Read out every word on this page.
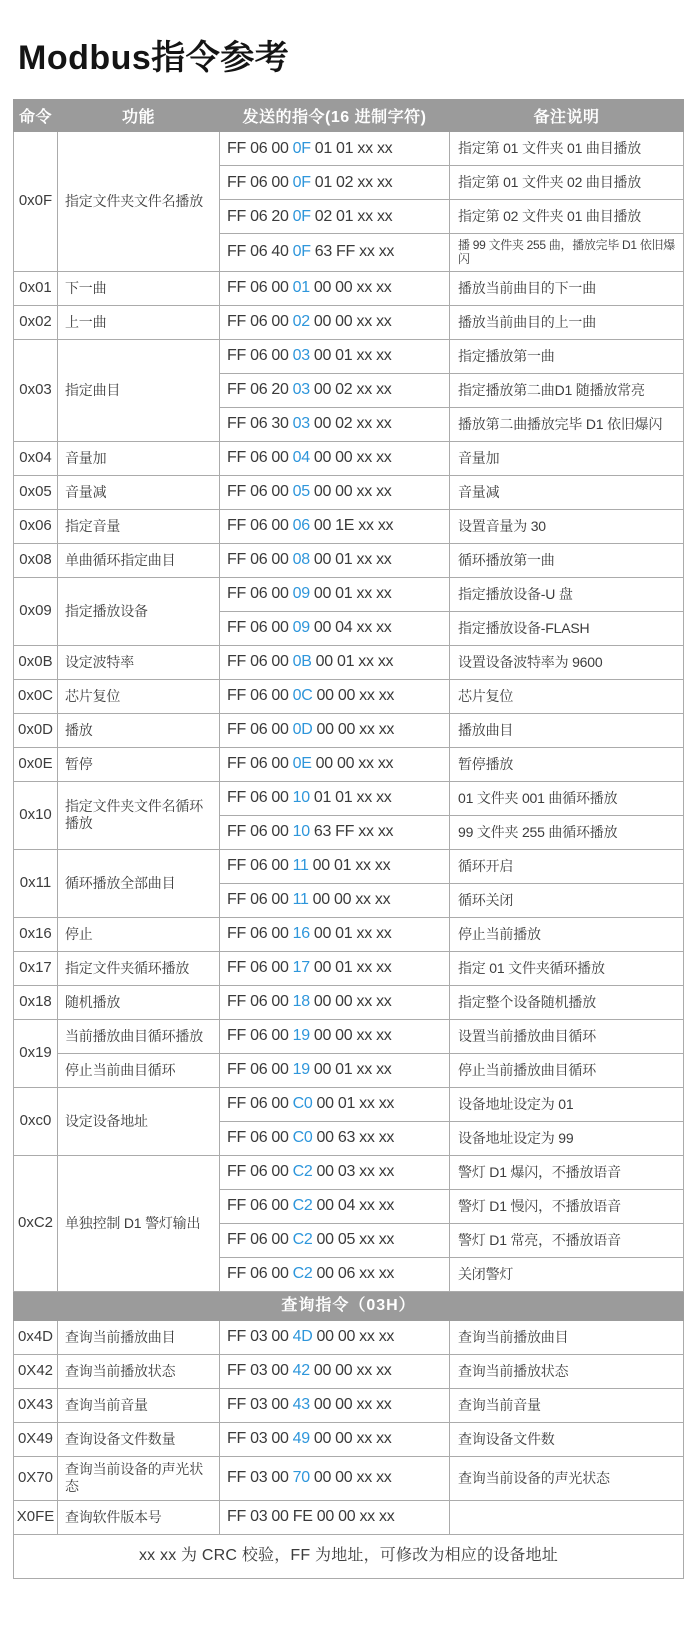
Modbus指令参考
命令	功能	发送的指令(16 进制字符)	备注说明
0x0F	指定文件夹文件名播放	FF 06 00 0F 01 01 xx xx	指定第 01 文件夹 01 曲目播放
		FF 06 00 0F 01 02 xx xx	指定第 01 文件夹 02 曲目播放
		FF 06 20 0F 02 01 xx xx	指定第 02 文件夹 01 曲目播放
		FF 06 40 0F 63 FF xx xx	播 99 文件夹 255 曲，播放完毕 D1 依旧爆闪
0x01	下一曲	FF 06 00 01 00 00 xx xx	播放当前曲目的下一曲
0x02	上一曲	FF 06 00 02 00 00 xx xx	播放当前曲目的上一曲
0x03	指定曲目	FF 06 00 03 00 01 xx xx	指定播放第一曲
		FF 06 20 03 00 02 xx xx	指定播放第二曲D1 随播放常亮
		FF 06 30 03 00 02 xx xx	播放第二曲播放完毕 D1 依旧爆闪
0x04	音量加	FF 06 00 04 00 00 xx xx	音量加
0x05	音量减	FF 06 00 05 00 00 xx xx	音量减
0x06	指定音量	FF 06 00 06 00 1E xx xx	设置音量为 30
0x08	单曲循环指定曲目	FF 06 00 08 00 01 xx xx	循环播放第一曲
0x09	指定播放设备	FF 06 00 09 00 01 xx xx	指定播放设备-U 盘
		FF 06 00 09 00 04 xx xx	指定播放设备-FLASH
0x0B	设定波特率	FF 06 00 0B 00 01 xx xx	设置设备波特率为 9600
0x0C	芯片复位	FF 06 00 0C 00 00 xx xx	芯片复位
0x0D	播放	FF 06 00 0D 00 00 xx xx	播放曲目
0x0E	暂停	FF 06 00 0E 00 00 xx xx	暂停播放
0x10	指定文件夹文件名循环播放	FF 06 00 10 01 01 xx xx	01 文件夹 001 曲循环播放
		FF 06 00 10 63 FF xx xx	99 文件夹 255 曲循环播放
0x11	循环播放全部曲目	FF 06 00 11 00 01 xx xx	循环开启
		FF 06 00 11 00 00 xx xx	循环关闭
0x16	停止	FF 06 00 16 00 01 xx xx	停止当前播放
0x17	指定文件夹循环播放	FF 06 00 17 00 01 xx xx	指定 01 文件夹循环播放
0x18	随机播放	FF 06 00 18 00 00 xx xx	指定整个设备随机播放
0x19	当前播放曲目循环播放	FF 06 00 19 00 00 xx xx	设置当前播放曲目循环
	停止当前曲目循环	FF 06 00 19 00 01 xx xx	停止当前播放曲目循环
0xc0	设定设备地址	FF 06 00 C0 00 01 xx xx	设备地址设定为 01
		FF 06 00 C0 00 63 xx xx	设备地址设定为 99
0xC2	单独控制 D1 警灯输出	FF 06 00 C2 00 03 xx xx	警灯 D1 爆闪，不播放语音
		FF 06 00 C2 00 04 xx xx	警灯 D1 慢闪，不播放语音
		FF 06 00 C2 00 05 xx xx	警灯 D1 常亮，不播放语音
		FF 06 00 C2 00 06 xx xx	关闭警灯
查询指令（03H）			
0x4D	查询当前播放曲目	FF 03 00 4D 00 00 xx xx	查询当前播放曲目
0X42	查询当前播放状态	FF 03 00 42 00 00 xx xx	查询当前播放状态
0X43	查询当前音量	FF 03 00 43 00 00 xx xx	查询当前音量
0X49	查询设备文件数量	FF 03 00 49 00 00 xx xx	查询设备文件数
0X70	查询当前设备的声光状态	FF 03 00 70 00 00 xx xx	查询当前设备的声光状态
X0FE	查询软件版本号	FF 03 00 FE 00 00 xx xx	
xx xx 为 CRC 校验，FF 为地址，可修改为相应的设备地址			
